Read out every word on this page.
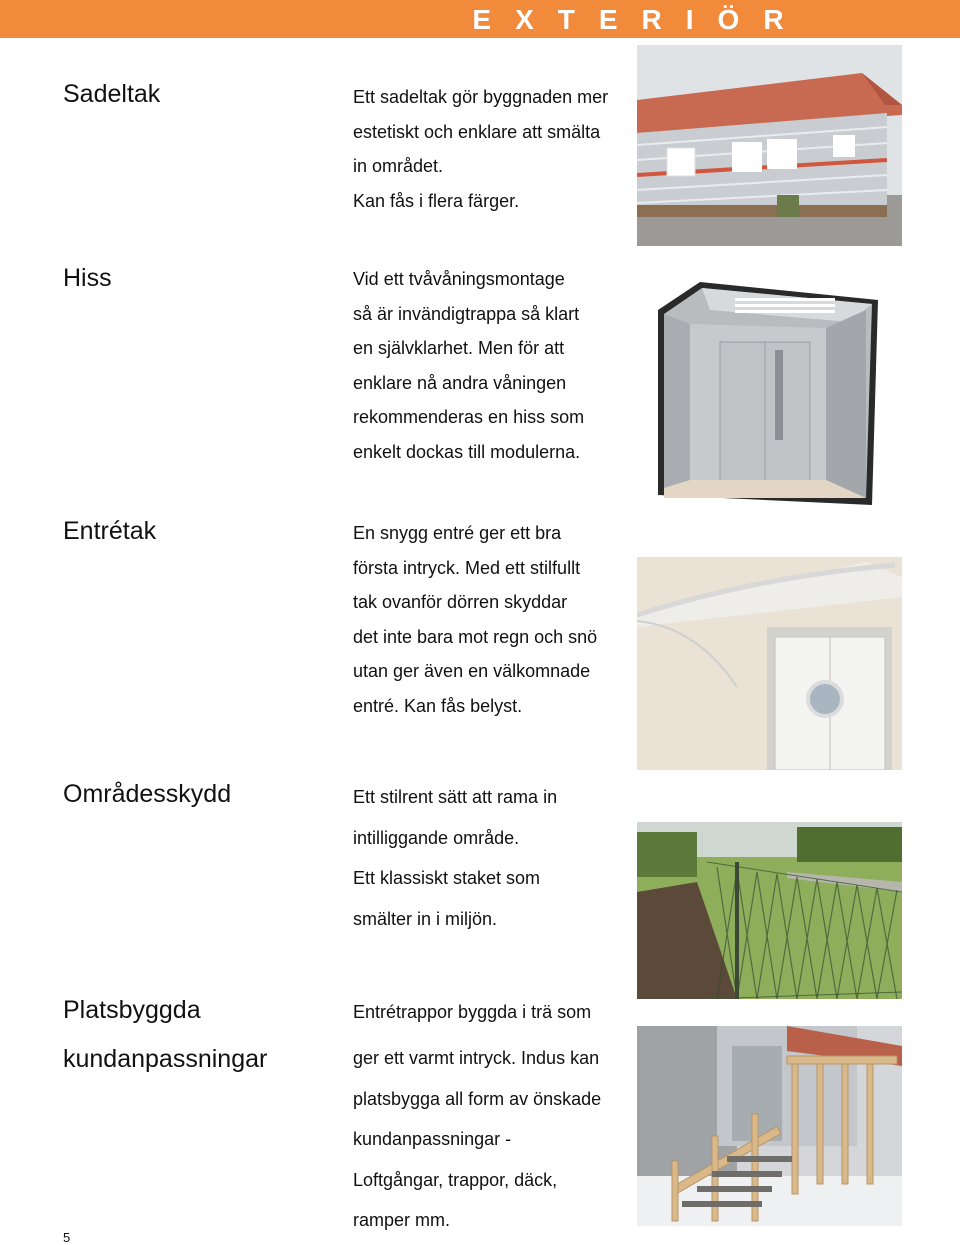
EXTERIÖR
Sadeltak	Ett sadeltak gör byggnaden mer
estetiskt och enklare att smälta
in området.
Kan fås i flera färger.
Hiss	Vid ett tvåvåningsmontage
så är invändigtrappa så klart
en självklarhet. Men för att
enklare nå andra våningen
rekommenderas en hiss som
enkelt dockas till modulerna.
Entrétak	En snygg entré ger ett bra
första intryck. Med ett stilfullt
tak ovanför dörren skyddar
det inte bara mot regn och snö
utan ger även en välkomnade
entré. Kan fås belyst.
Områdesskydd	Ett stilrent sätt att rama in
intilliggande område.
Ett klassiskt staket som
smälter in i miljön.
Platsbyggda
kundanpassningar
Entrétrappor byggda i trä som
ger ett varmt intryck. Indus kan
platsbygga all form av önskade
kundanpassningar -
Loftgångar, trappor, däck,
ramper mm.
5
